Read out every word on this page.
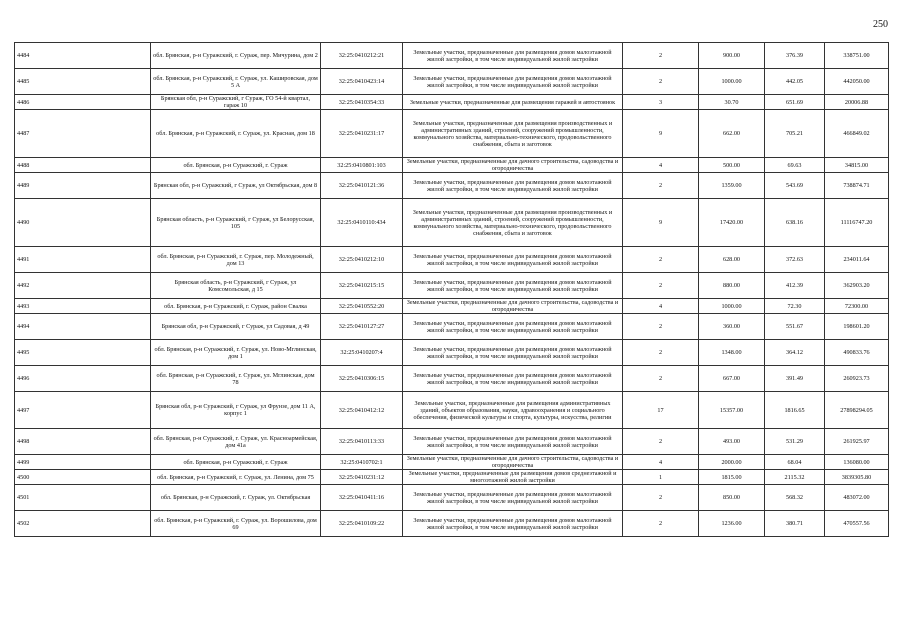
250
4484	обл. Брянская, р-н Суражский, г. Сураж, пер. Мичурина, дом 2	32:25:0410212:21	Земельные участки, предназначенные для размещения домов малоэтажной жилой застройки, в том числе индивидуальной жилой застройки	2	900.00	376.39	338751.00
4485	обл. Брянская, р-н Суражский, г. Сураж, ул. Кашировская, дом 5 А	32:25:0410423:14	Земельные участки, предназначенные для размещения домов малоэтажной жилой застройки, в том числе индивидуальной жилой застройки	2	1000.00	442.05	442050.00
4486	Брянская обл, р-н Суражский, г Сураж, ГО 54-й квартал, гараж 10	32:25:0410354:33	Земельные участки, предназначенные для размещения гаражей и автостоянок	3	30.70	651.69	20006.88
4487	обл. Брянская, р-н Суражский, г. Сураж, ул. Красная, дом 18	32:25:0410231:17	Земельные участки, предназначенные для размещения производственных и административных зданий, строений, сооружений промышленности, коммунального хозяйства, материально-технического, продовольственного снабжения, сбыта и заготовок	9	662.00	705.21	466849.02
4488	обл. Брянская, р-н Суражский, г. Сураж	32:25:0410801:103	Земельные участки, предназначенные для дачного строительства, садоводства и огородничества	4	500.00	69.63	34815.00
4489	Брянская обл, р-н Суражский, г Сураж, ул Октябрьская, дом 8	32:25:0410121:36	Земельные участки, предназначенные для размещения домов малоэтажной жилой застройки, в том числе индивидуальной жилой застройки	2	1359.00	543.69	738874.71
4490	Брянская область, р-н Суражский, г Сураж, ул Белорусская, 105	32:25:0410110:434	Земельные участки, предназначенные для размещения производственных и административных зданий, строений, сооружений промышленности, коммунального хозяйства, материально-технического, продовольственного снабжения, сбыта и заготовок	9	17420.00	638.16	11116747.20
4491	обл. Брянская, р-н Суражский, г. Сураж, пер. Молодежный, дом 13	32:25:0410212:10	Земельные участки, предназначенные для размещения домов малоэтажной жилой застройки, в том числе индивидуальной жилой застройки	2	628.00	372.63	234011.64
4492	Брянская область, р-н Суражский, г Сураж, ул Комсомольская, д 15	32:25:0410215:15	Земельные участки, предназначенные для размещения домов малоэтажной жилой застройки, в том числе индивидуальной жилой застройки	2	880.00	412.39	362903.20
4493	обл. Брянская, р-н Суражский, г. Сураж, район Свалка	32:25:0410552:20	Земельные участки, предназначенные для дачного строительства, садоводства и огородничества	4	1000.00	72.30	72300.00
4494	Брянская обл, р-н Суражский, г Сураж, ул Садовая, д 49	32:25:0410127:27	Земельные участки, предназначенные для размещения домов малоэтажной жилой застройки, в том числе индивидуальной жилой застройки	2	360.00	551.67	198601.20
4495	обл. Брянская, р-н Суражский, г. Сураж, ул. Ново-Мглинская, дом 1	32:25:0410207:4	Земельные участки, предназначенные для размещения домов малоэтажной жилой застройки, в том числе индивидуальной жилой застройки	2	1348.00	364.12	490833.76
4496	обл. Брянская, р-н Суражский, г. Сураж, ул. Мглинская, дом 78	32:25:0410306:15	Земельные участки, предназначенные для размещения домов малоэтажной жилой застройки, в том числе индивидуальной жилой застройки	2	667.00	391.49	260923.73
4497	Брянская обл, р-н Суражский, г Сураж, ул Фрунзе, дом 11 А, корпус 1	32:25:0410412:12	Земельные участки, предназначенные для размещения административных зданий, объектов образования, науки, здравоохранения и социального обеспечения, физической культуры и спорта, культуры, искусства, религии	17	15357.00	1816.65	27898294.05
4498	обл. Брянская, р-н Суражский, г. Сураж, ул. Красноармейская, дом 41а	32:25:0410113:33	Земельные участки, предназначенные для размещения домов малоэтажной жилой застройки, в том числе индивидуальной жилой застройки	2	493.00	531.29	261925.97
4499	обл. Брянская, р-н Суражский, г. Сураж	32:25:0410702:1	Земельные участки, предназначенные для дачного строительства, садоводства и огородничества	4	2000.00	68.04	136080.00
4500	обл. Брянская, р-н Суражский, г. Сураж, ул. Ленина, дом 75	32:25:0410231:12	Земельные участки, предназначенные для размещения домов среднеэтажной и многоэтажной жилой застройки	1	1815.00	2115.32	3839305.80
4501	обл. Брянская, р-н Суражский, г. Сураж, ул. Октябрьская	32:25:0410411:16	Земельные участки, предназначенные для размещения домов малоэтажной жилой застройки, в том числе индивидуальной жилой застройки	2	850.00	568.32	483072.00
4502	обл. Брянская, р-н Суражский, г. Сураж, ул. Ворошилова, дом 69	32:25:0410109:22	Земельные участки, предназначенные для размещения домов малоэтажной жилой застройки, в том числе индивидуальной жилой застройки	2	1236.00	380.71	470557.56
